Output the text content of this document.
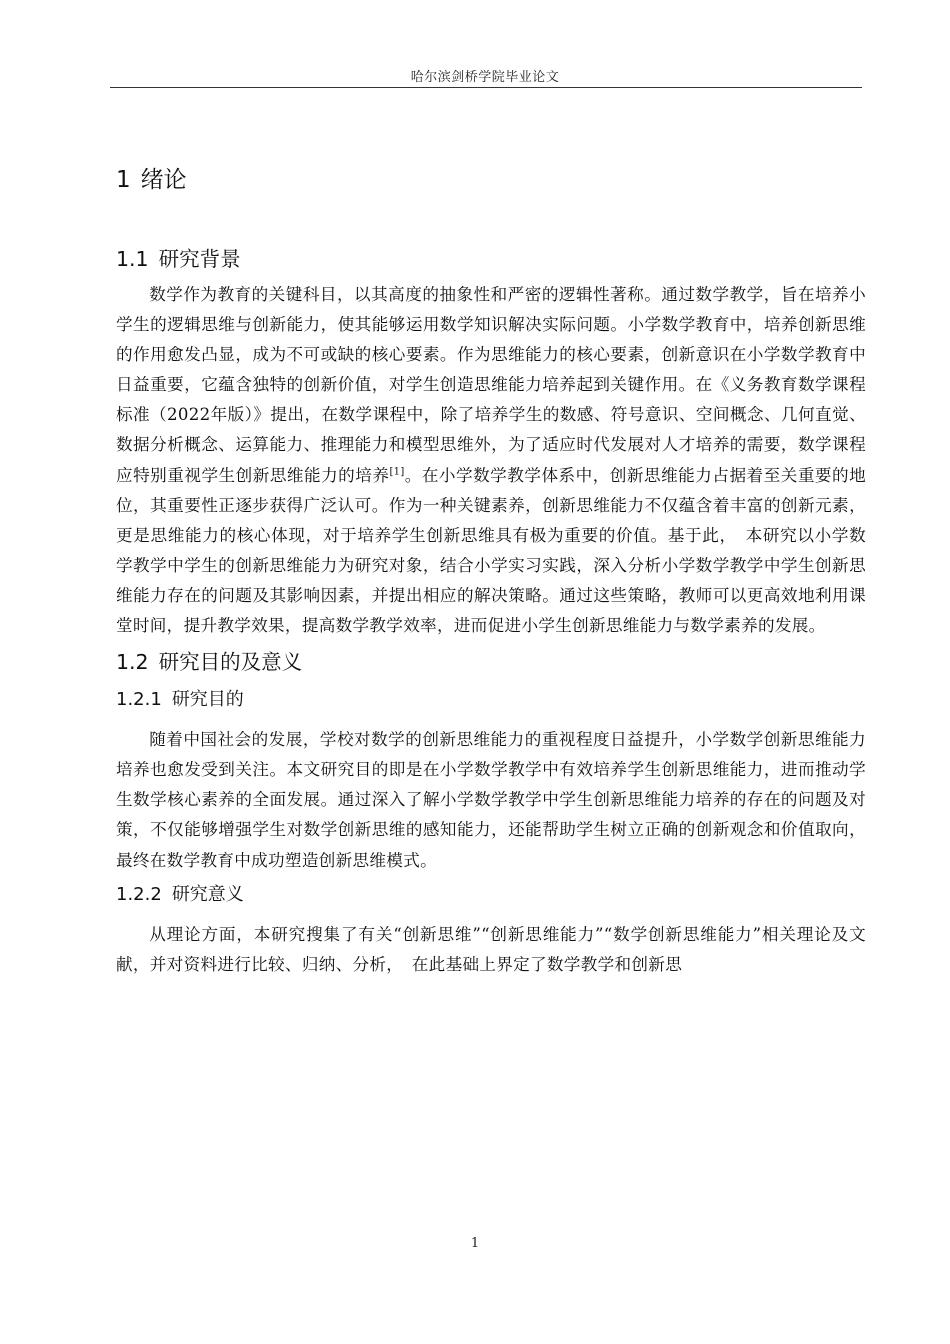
哈尔滨剑桥学院毕业论文
1 绪论
1.1 研究背景

数学作为教育的关键科目，以其高度的抽象性和严密的逻辑性著称。通过数学教学，旨在培养小学生的逻辑思维与创新能力，使其能够运用数学知识解决实际问题。小学数学教育中，培养创新思维的作用愈发凸显，成为不可或缺的核心要素。作为思维能力的核心要素，创新意识在小学数学教育中日益重要，它蕴含独特的创新价值，对学生创造思维能力培养起到关键作用。在《义务教育数学课程标准（2022年版）》提出，在数学课程中，除了培养学生的数感、符号意识、空间概念、几何直觉、数据分析概念、运算能力、推理能力和模型思维外，为了适应时代发展对人才培养的需要，数学课程应特别重视学生创新思维能力的培养[1]。在小学数学教学体系中，创新思维能力占据着至关重要的地位，其重要性正逐步获得广泛认可。作为一种关键素养，创新思维能力不仅蕴含着丰富的创新元素，更是思维能力的核心体现，对于培养学生创新思维具有极为重要的价值。基于此，　本研究以小学数学教学中学生的创新思维能力为研究对象，结合小学实习实践，深入分析小学数学教学中学生创新思维能力存在的问题及其影响因素，并提出相应的解决策略。通过这些策略，教师可以更高效地利用课堂时间，提升教学效果，提高数学教学效率，进而促进小学生创新思维能力与数学素养的发展。

1.2 研究目的及意义
1.2.1 研究目的

随着中国社会的发展，学校对数学的创新思维能力的重视程度日益提升，小学数学创新思维能力培养也愈发受到关注。本文研究目的即是在小学数学教学中有效培养学生创新思维能力，进而推动学生数学核心素养的全面发展。通过深入了解小学数学教学中学生创新思维能力培养的存在的问题及对策，不仅能够增强学生对数学创新思维的感知能力，还能帮助学生树立正确的创新观念和价值取向，最终在数学教育中成功塑造创新思维模式。

1.2.2 研究意义

从理论方面，本研究搜集了有关“创新思维”“创新思维能力”“数学创新思维能力”相关理论及文献，并对资料进行比较、归纳、分析，　在此基础上界定了数学教学和创新思

1
